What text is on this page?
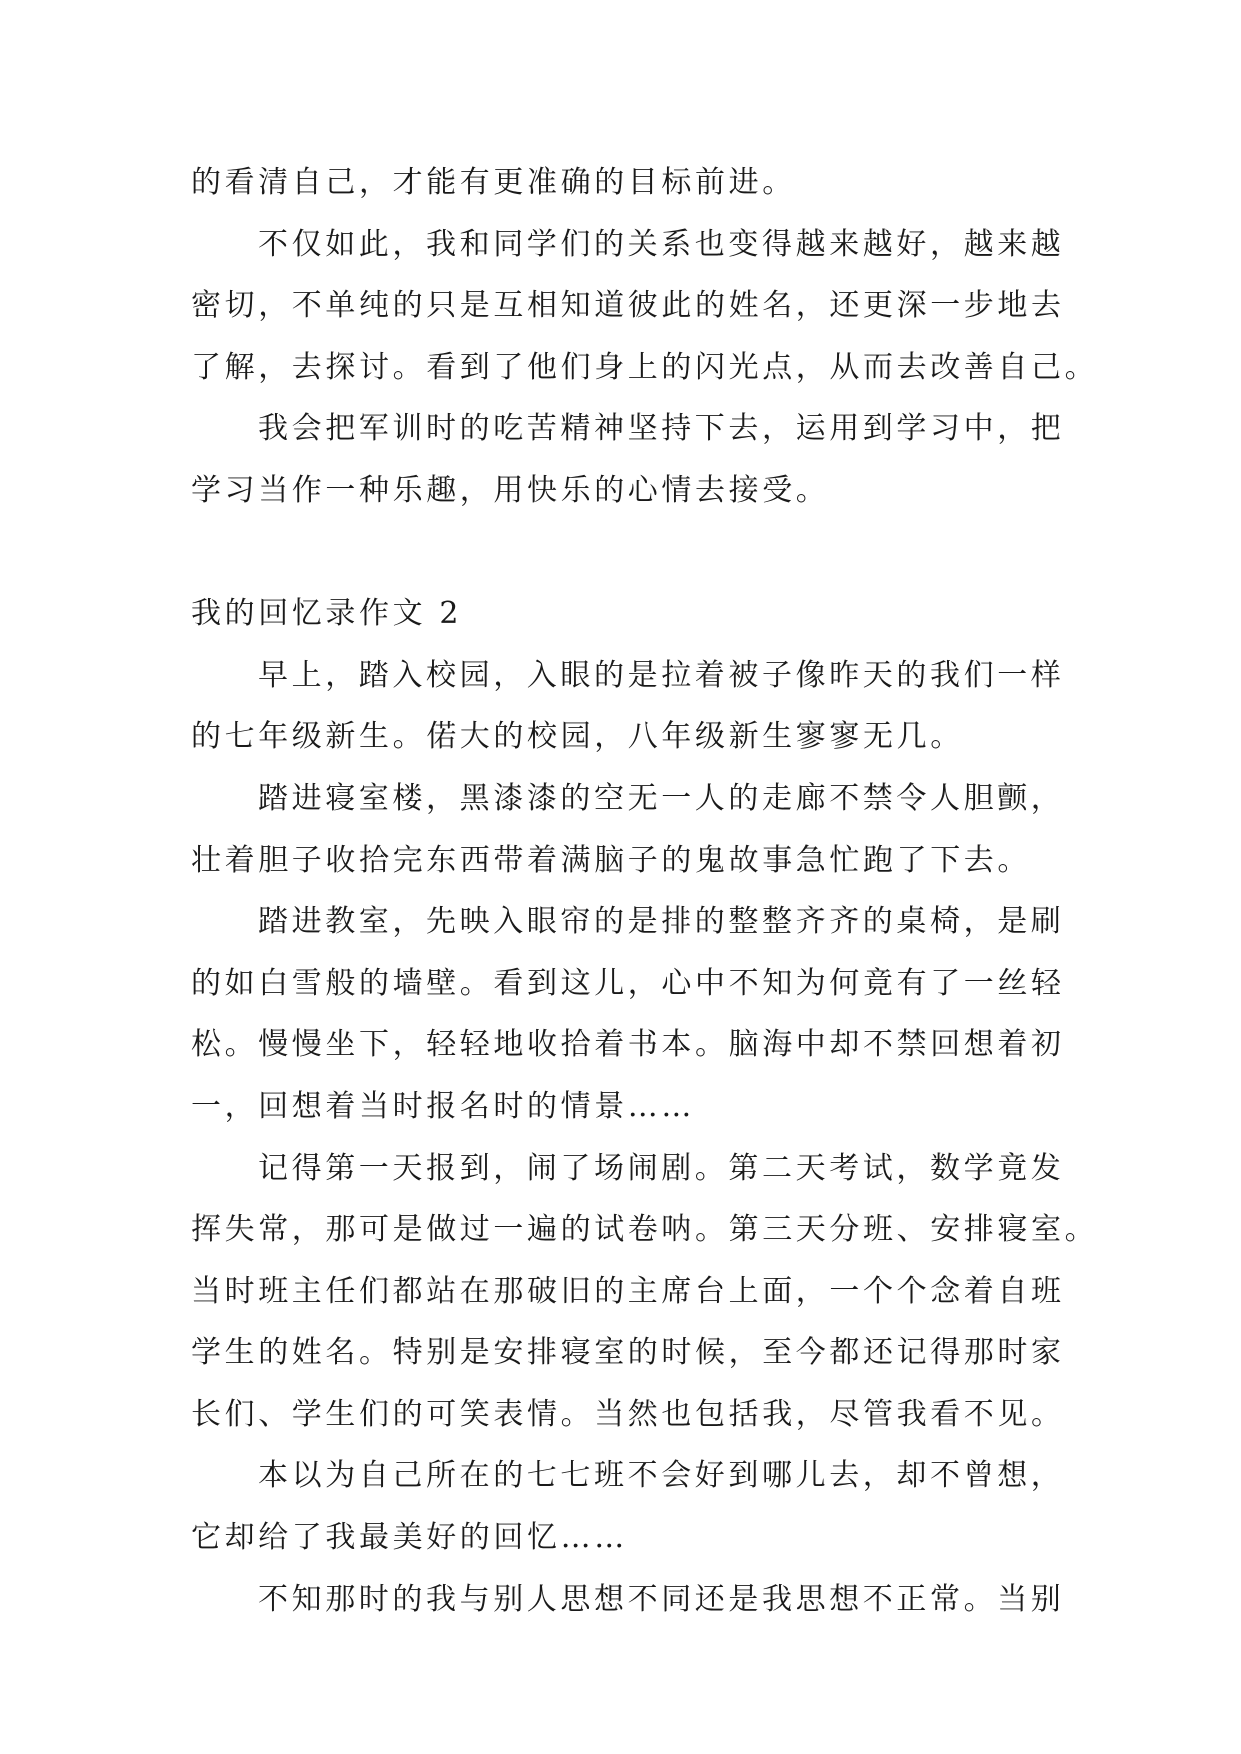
的看清自己，才能有更准确的目标前进。
不仅如此，我和同学们的关系也变得越来越好，越来越
密切，不单纯的只是互相知道彼此的姓名，还更深一步地去
了解，去探讨。看到了他们身上的闪光点，从而去改善自己。
我会把军训时的吃苦精神坚持下去，运用到学习中，把
学习当作一种乐趣，用快乐的心情去接受。
我的回忆录作文 2
早上，踏入校园，入眼的是拉着被子像昨天的我们一样
的七年级新生。偌大的校园，八年级新生寥寥无几。
踏进寝室楼，黑漆漆的空无一人的走廊不禁令人胆颤，
壮着胆子收拾完东西带着满脑子的鬼故事急忙跑了下去。
踏进教室，先映入眼帘的是排的整整齐齐的桌椅，是刷
的如白雪般的墙壁。看到这儿，心中不知为何竟有了一丝轻
松。慢慢坐下，轻轻地收拾着书本。脑海中却不禁回想着初
一，回想着当时报名时的情景……
记得第一天报到，闹了场闹剧。第二天考试，数学竟发
挥失常，那可是做过一遍的试卷呐。第三天分班、安排寝室。
当时班主任们都站在那破旧的主席台上面，一个个念着自班
学生的姓名。特别是安排寝室的时候，至今都还记得那时家
长们、学生们的可笑表情。当然也包括我，尽管我看不见。
本以为自己所在的七七班不会好到哪儿去，却不曾想，
它却给了我最美好的回忆……
不知那时的我与别人思想不同还是我思想不正常。当别
